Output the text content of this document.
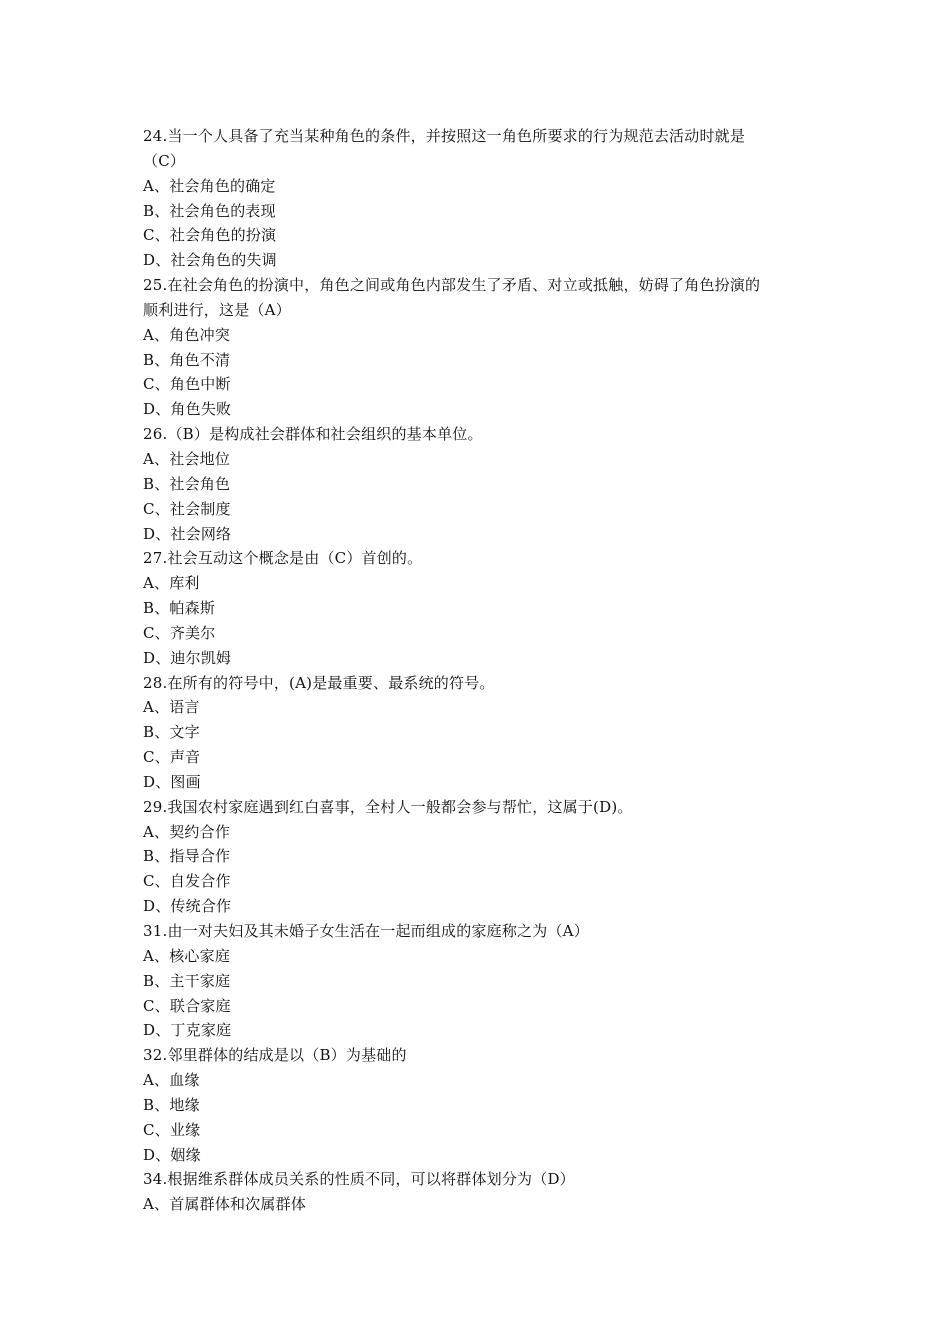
24.当一个人具备了充当某种角色的条件，并按照这一角色所要求的行为规范去活动时就是
（C）
A、社会角色的确定
B、社会角色的表现
C、社会角色的扮演
D、社会角色的失调
25.在社会角色的扮演中，角色之间或角色内部发生了矛盾、对立或抵触，妨碍了角色扮演的
顺利进行，这是（A）
A、角色冲突
B、角色不清
C、角色中断
D、角色失败
26.（B）是构成社会群体和社会组织的基本单位。
A、社会地位
B、社会角色
C、社会制度
D、社会网络
27.社会互动这个概念是由（C）首创的。
A、库利
B、帕森斯
C、齐美尔
D、迪尔凯姆
28.在所有的符号中，(A)是最重要、最系统的符号。
A、语言
B、文字
C、声音
D、图画
29.我国农村家庭遇到红白喜事，全村人一般都会参与帮忙，这属于(D)。
A、契约合作
B、指导合作
C、自发合作
D、传统合作
31.由一对夫妇及其未婚子女生活在一起而组成的家庭称之为（A）
A、核心家庭
B、主干家庭
C、联合家庭
D、丁克家庭
32.邻里群体的结成是以（B）为基础的
A、血缘
B、地缘
C、业缘
D、姻缘
34.根据维系群体成员关系的性质不同，可以将群体划分为（D）
A、首属群体和次属群体
